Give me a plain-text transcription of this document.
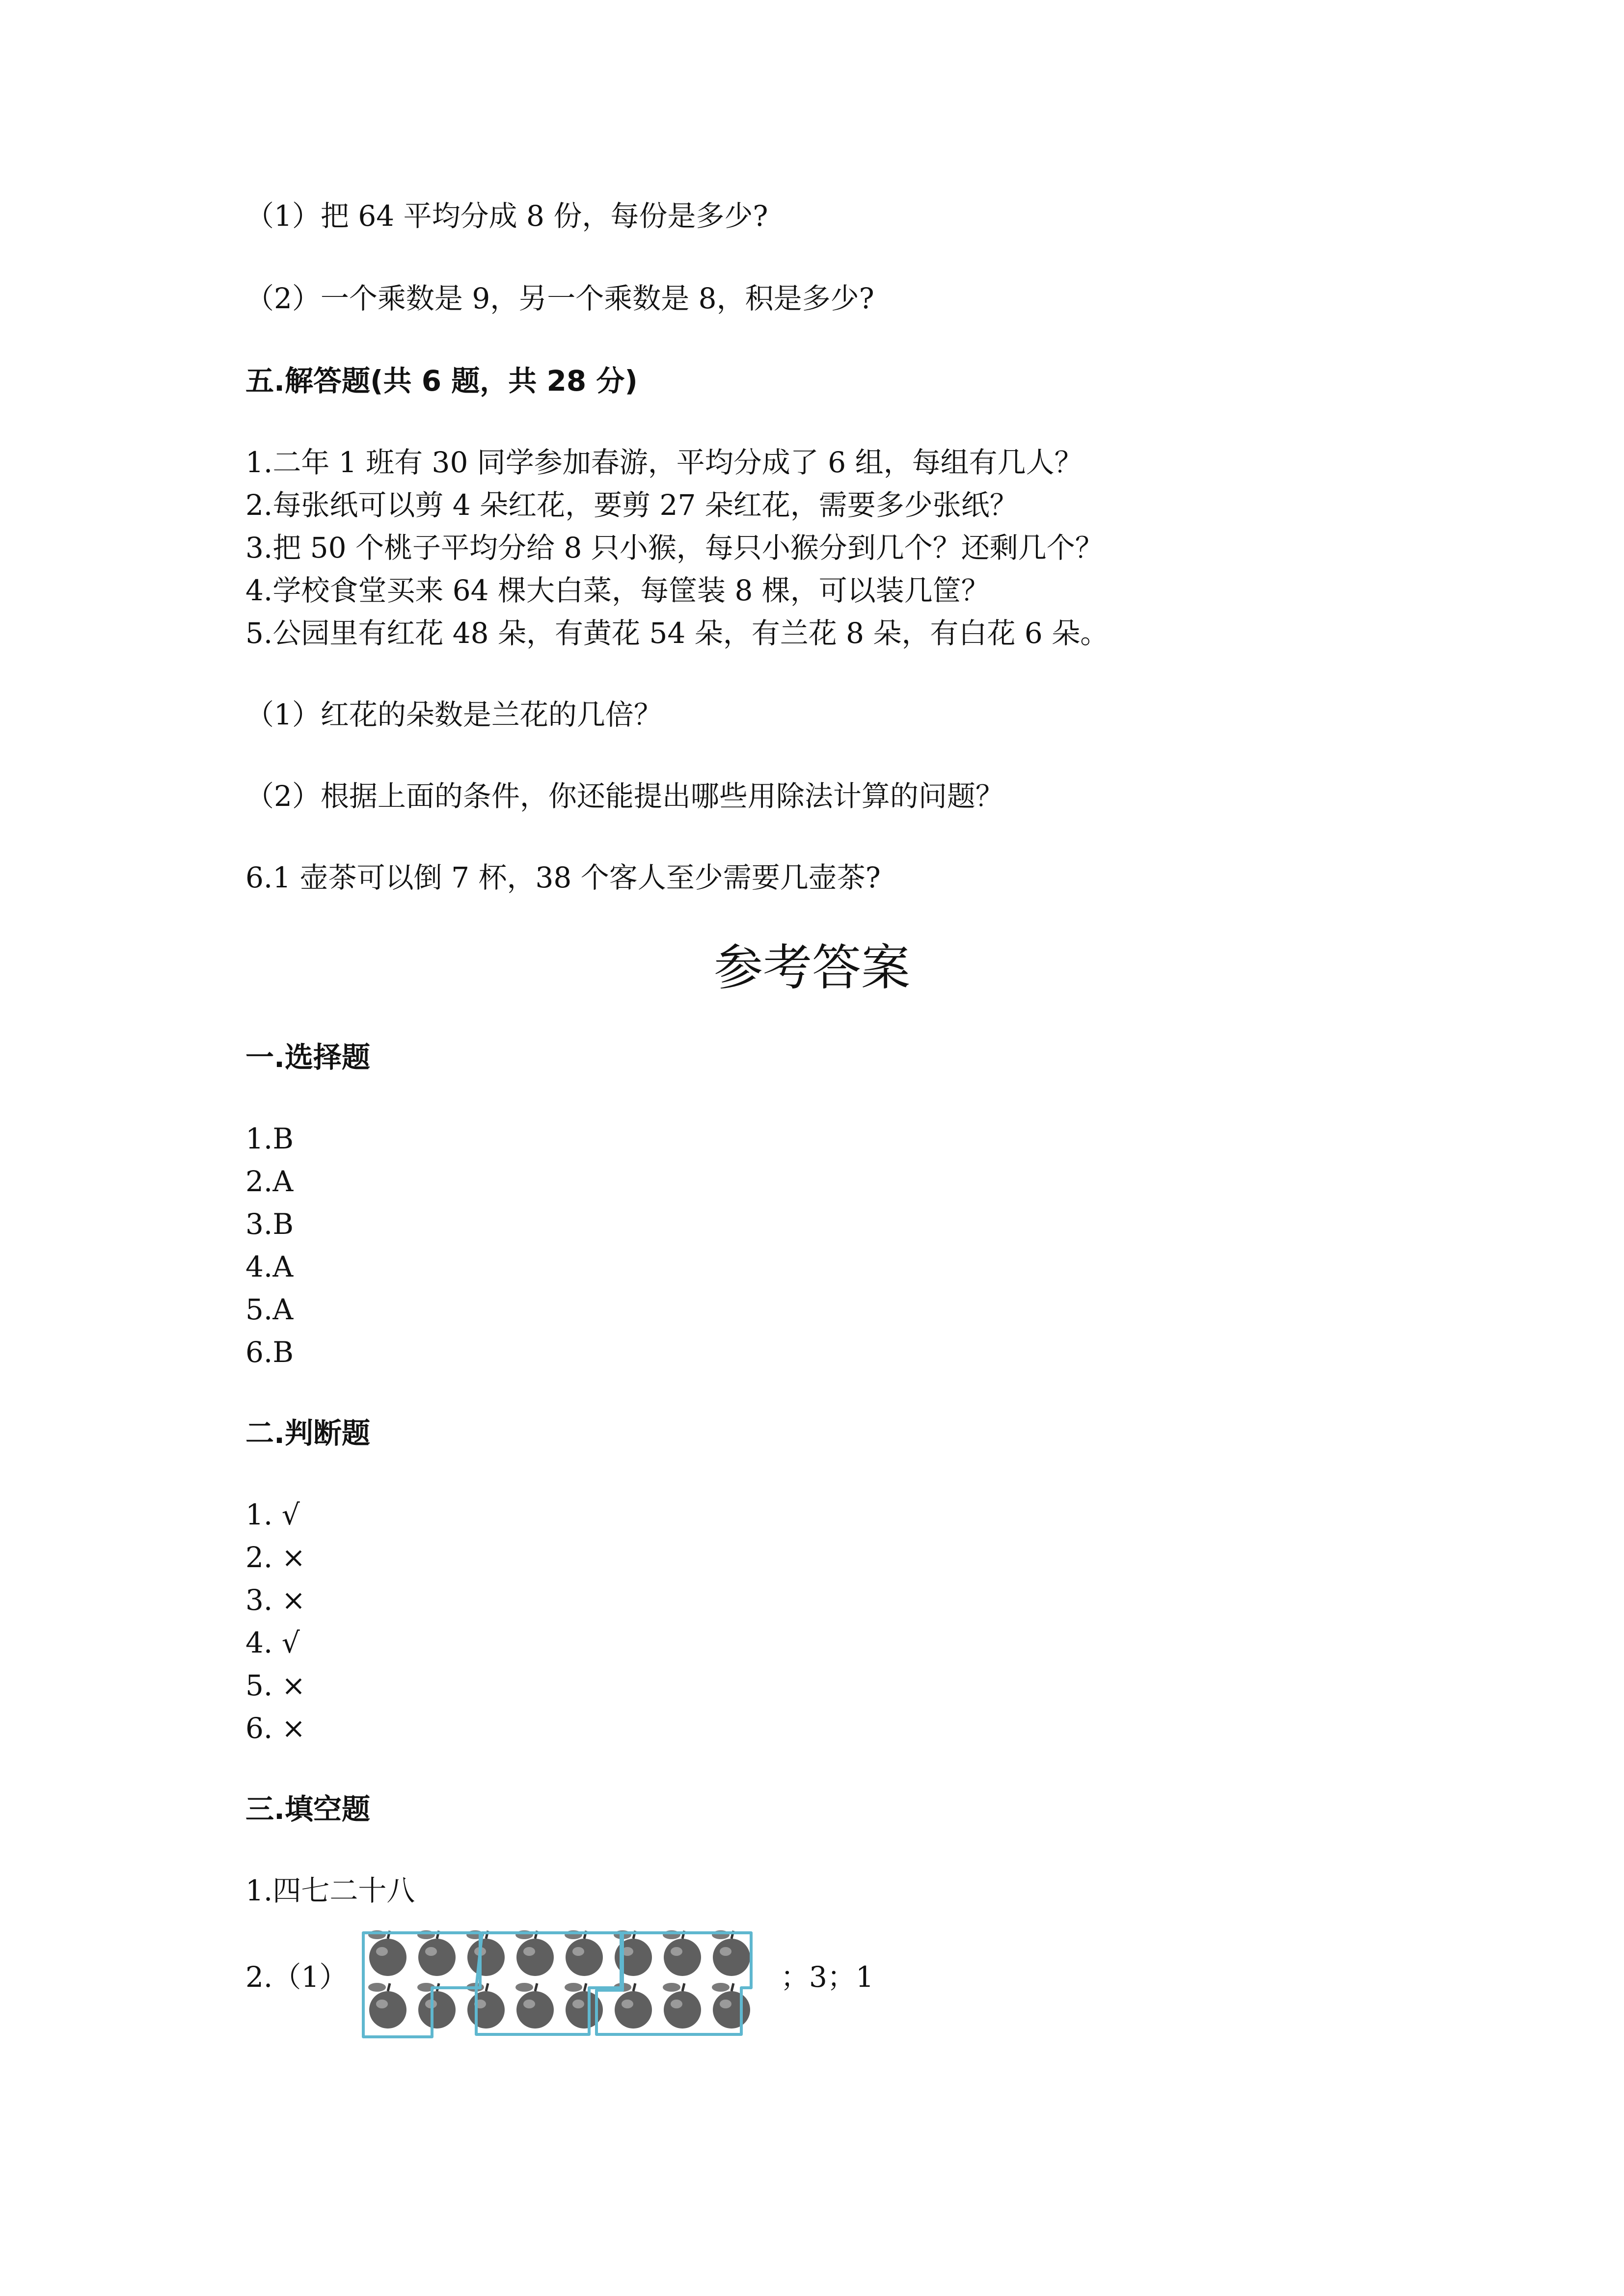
（1）把 64 平均分成 8 份，每份是多少?
（2）一个乘数是 9，另一个乘数是 8，积是多少?
五.解答题(共 6 题，共 28 分)
1.二年 1 班有 30 同学参加春游，平均分成了 6 组，每组有几人？
2.每张纸可以剪 4 朵红花，要剪 27 朵红花，需要多少张纸？
3.把 50 个桃子平均分给 8 只小猴，每只小猴分到几个？还剩几个？
4.学校食堂买来 64 棵大白菜，每筐装 8 棵，可以装几筐？
5.公园里有红花 48 朵，有黄花 54 朵，有兰花 8 朵，有白花 6 朵。
（1）红花的朵数是兰花的几倍？
（2）根据上面的条件，你还能提出哪些用除法计算的问题？
6.1 壶茶可以倒 7 杯，38 个客人至少需要几壶茶?
参考答案
一.选择题
1.B
2.A
3.B
4.A
5.A
6.B
二.判断题
1. √
2. ×
3. ×
4. √
5. ×
6. ×
三.填空题
1.四七二十八
2.（1）	；3；1
